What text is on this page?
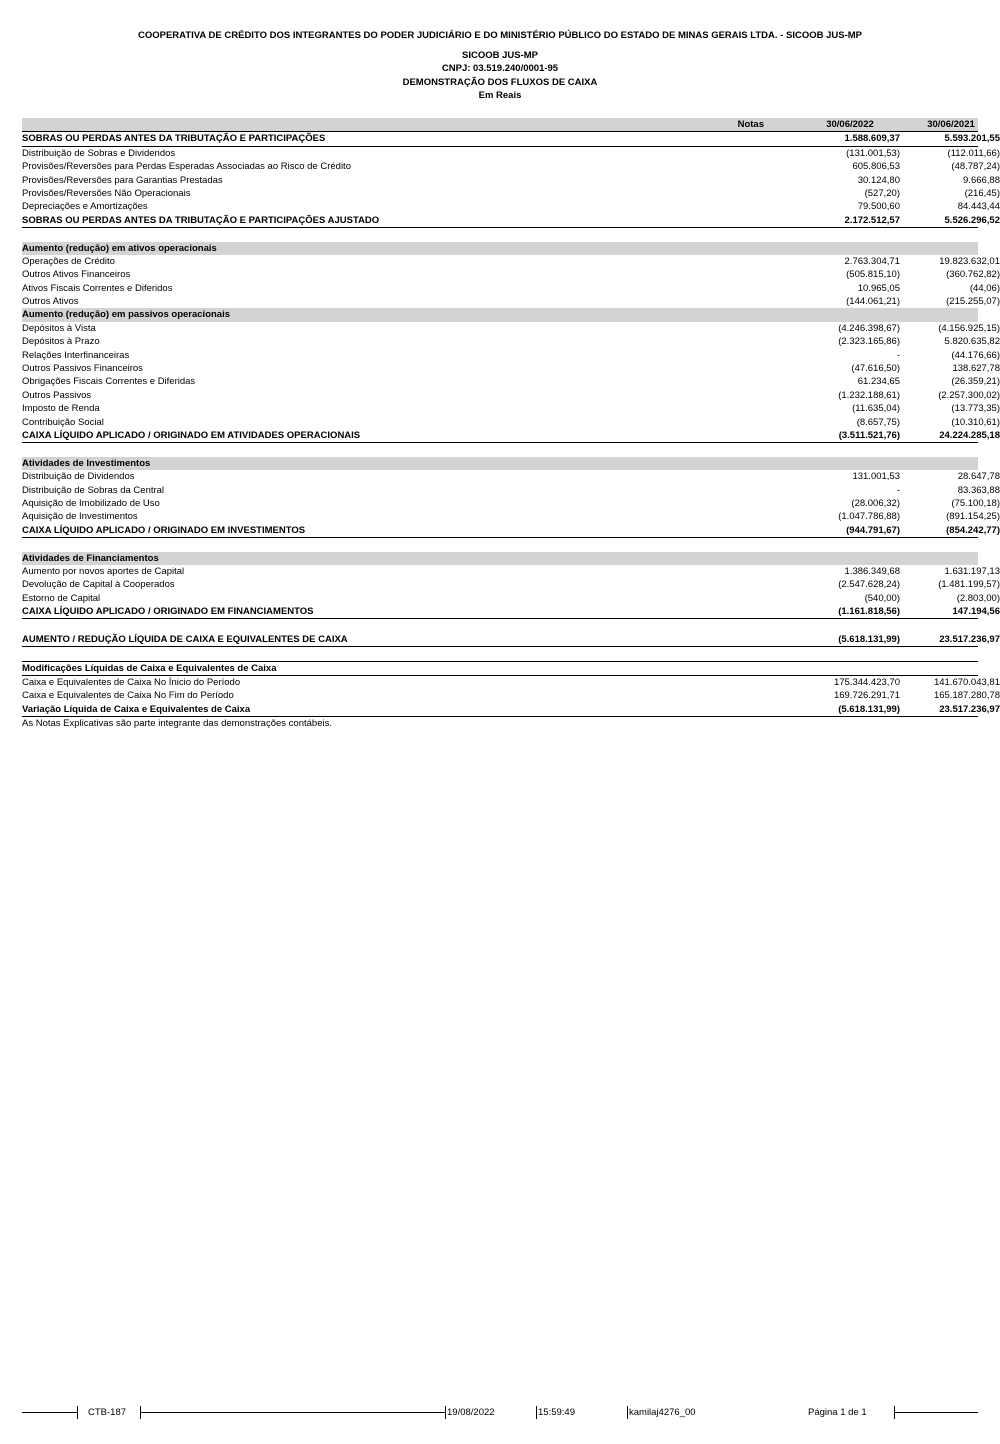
COOPERATIVA DE CRÉDITO DOS INTEGRANTES DO PODER JUDICIÁRIO E DO MINISTÉRIO PÚBLICO DO ESTADO DE MINAS GERAIS LTDA. - SICOOB JUS-MP
SICOOB JUS-MP
CNPJ: 03.519.240/0001-95
DEMONSTRAÇÃO DOS FLUXOS DE CAIXA
Em Reais
Notas	30/06/2022	30/06/2021
SOBRAS OU PERDAS ANTES DA TRIBUTAÇÃO E PARTICIPAÇÕES	1.588.609,37	5.593.201,55
Distribuição de Sobras e Dividendos	(131.001,53)	(112.011,66)
Provisões/Reversões para Perdas Esperadas Associadas ao Risco de Crédito	605.806,53	(48.787,24)
Provisões/Reversões para Garantias Prestadas	30.124,80	9.666,88
Provisões/Reversões Não Operacionais	(527,20)	(216,45)
Depreciações e Amortizações	79.500,60	84.443,44
SOBRAS OU PERDAS ANTES DA TRIBUTAÇÃO E PARTICIPAÇÕES AJUSTADO	2.172.512,57	5.526.296,52
Aumento (redução) em ativos operacionais
Operações de Crédito	2.763.304,71	19.823.632,01
Outros Ativos Financeiros	(505.815,10)	(360.762,82)
Ativos Fiscais Correntes e Diferidos	10.965,05	(44,06)
Outros Ativos	(144.061,21)	(215.255,07)
Aumento (redução) em passivos operacionais
Depósitos à Vista	(4.246.398,67)	(4.156.925,15)
Depósitos à Prazo	(2.323.165,86)	5.820.635,82
Relações Interfinanceiras	-	(44.176,66)
Outros Passivos Financeiros	(47.616,50)	138.627,78
Obrigações Fiscais Correntes e Diferidas	61.234,65	(26.359,21)
Outros Passivos	(1.232.188,61)	(2.257.300,02)
Imposto de Renda	(11.635,04)	(13.773,35)
Contribuição Social	(8.657,75)	(10.310,61)
CAIXA LÍQUIDO APLICADO / ORIGINADO EM ATIVIDADES OPERACIONAIS	(3.511.521,76)	24.224.285,18
Atividades de Investimentos
Distribuição de Dividendos	131.001,53	28.647,78
Distribuição de Sobras da Central	-	83.363,88
Aquisição de Imobilizado de Uso	(28.006,32)	(75.100,18)
Aquisição de Investimentos	(1.047.786,88)	(891.154,25)
CAIXA LÍQUIDO APLICADO / ORIGINADO EM INVESTIMENTOS	(944.791,67)	(854.242,77)
Atividades de Financiamentos
Aumento por novos aportes de Capital	1.386.349,68	1.631.197,13
Devolução de Capital à Cooperados	(2.547.628,24)	(1.481.199,57)
Estorno de Capital	(540,00)	(2.803,00)
CAIXA LÍQUIDO APLICADO / ORIGINADO EM FINANCIAMENTOS	(1.161.818,56)	147.194,56
AUMENTO / REDUÇÃO LÍQUIDA DE CAIXA E EQUIVALENTES DE CAIXA	(5.618.131,99)	23.517.236,97
Modificações Líquidas de Caixa e Equivalentes de Caixa
Caixa e Equivalentes de Caixa No Ínicio do Período	175.344.423,70	141.670.043,81
Caixa e Equivalentes de Caixa No Fim do Período	169.726.291,71	165.187.280,78
Variação Líquida de Caixa e Equivalentes de Caixa	(5.618.131,99)	23.517.236,97
As Notas Explicativas são parte integrante das demonstrações contábeis.
CTB-187	19/08/2022	15:59:49	kamilaj4276_00	Página 1 de 1
